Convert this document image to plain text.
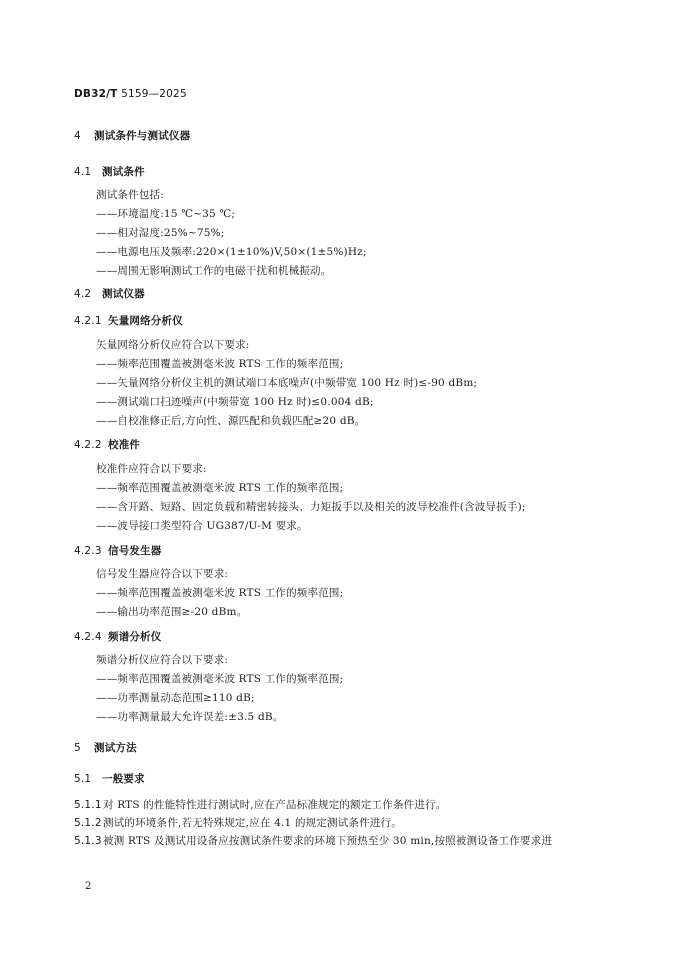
DB32/T 5159—2025
4 测试条件与测试仪器
4.1 测试条件
测试条件包括:
——环境温度:15 ℃~35 ℃;
——相对湿度:25%~75%;
——电源电压及频率:220×(1±10%)V,50×(1±5%)Hz;
——周围无影响测试工作的电磁干扰和机械振动。
4.2 测试仪器
4.2.1 矢量网络分析仪
矢量网络分析仪应符合以下要求:
——频率范围覆盖被测毫米波 RTS 工作的频率范围;
——矢量网络分析仪主机的测试端口本底噪声(中频带宽 100 Hz 时)≤-90 dBm;
——测试端口扫迹噪声(中频带宽 100 Hz 时)≤0.004 dB;
——自校准修正后,方向性、源匹配和负载匹配≥20 dB。
4.2.2 校准件
校准件应符合以下要求:
——频率范围覆盖被测毫米波 RTS 工作的频率范围;
——含开路、短路、固定负载和精密转接头、力矩扳手以及相关的波导校准件(含波导扳手);
——波导接口类型符合 UG387/U-M 要求。
4.2.3 信号发生器
信号发生器应符合以下要求:
——频率范围覆盖被测毫米波 RTS 工作的频率范围;
——输出功率范围≥-20 dBm。
4.2.4 频谱分析仪
频谱分析仪应符合以下要求:
——频率范围覆盖被测毫米波 RTS 工作的频率范围;
——功率测量动态范围≥110 dB;
——功率测量最大允许误差:±3.5 dB。
5 测试方法
5.1 一般要求
5.1.1对 RTS 的性能特性进行测试时,应在产品标准规定的额定工作条件进行。
5.1.2测试的环境条件,若无特殊规定,应在 4.1 的规定测试条件进行。
5.1.3被测 RTS 及测试用设备应按测试条件要求的环境下预热至少 30 min,按照被测设备工作要求进
2
